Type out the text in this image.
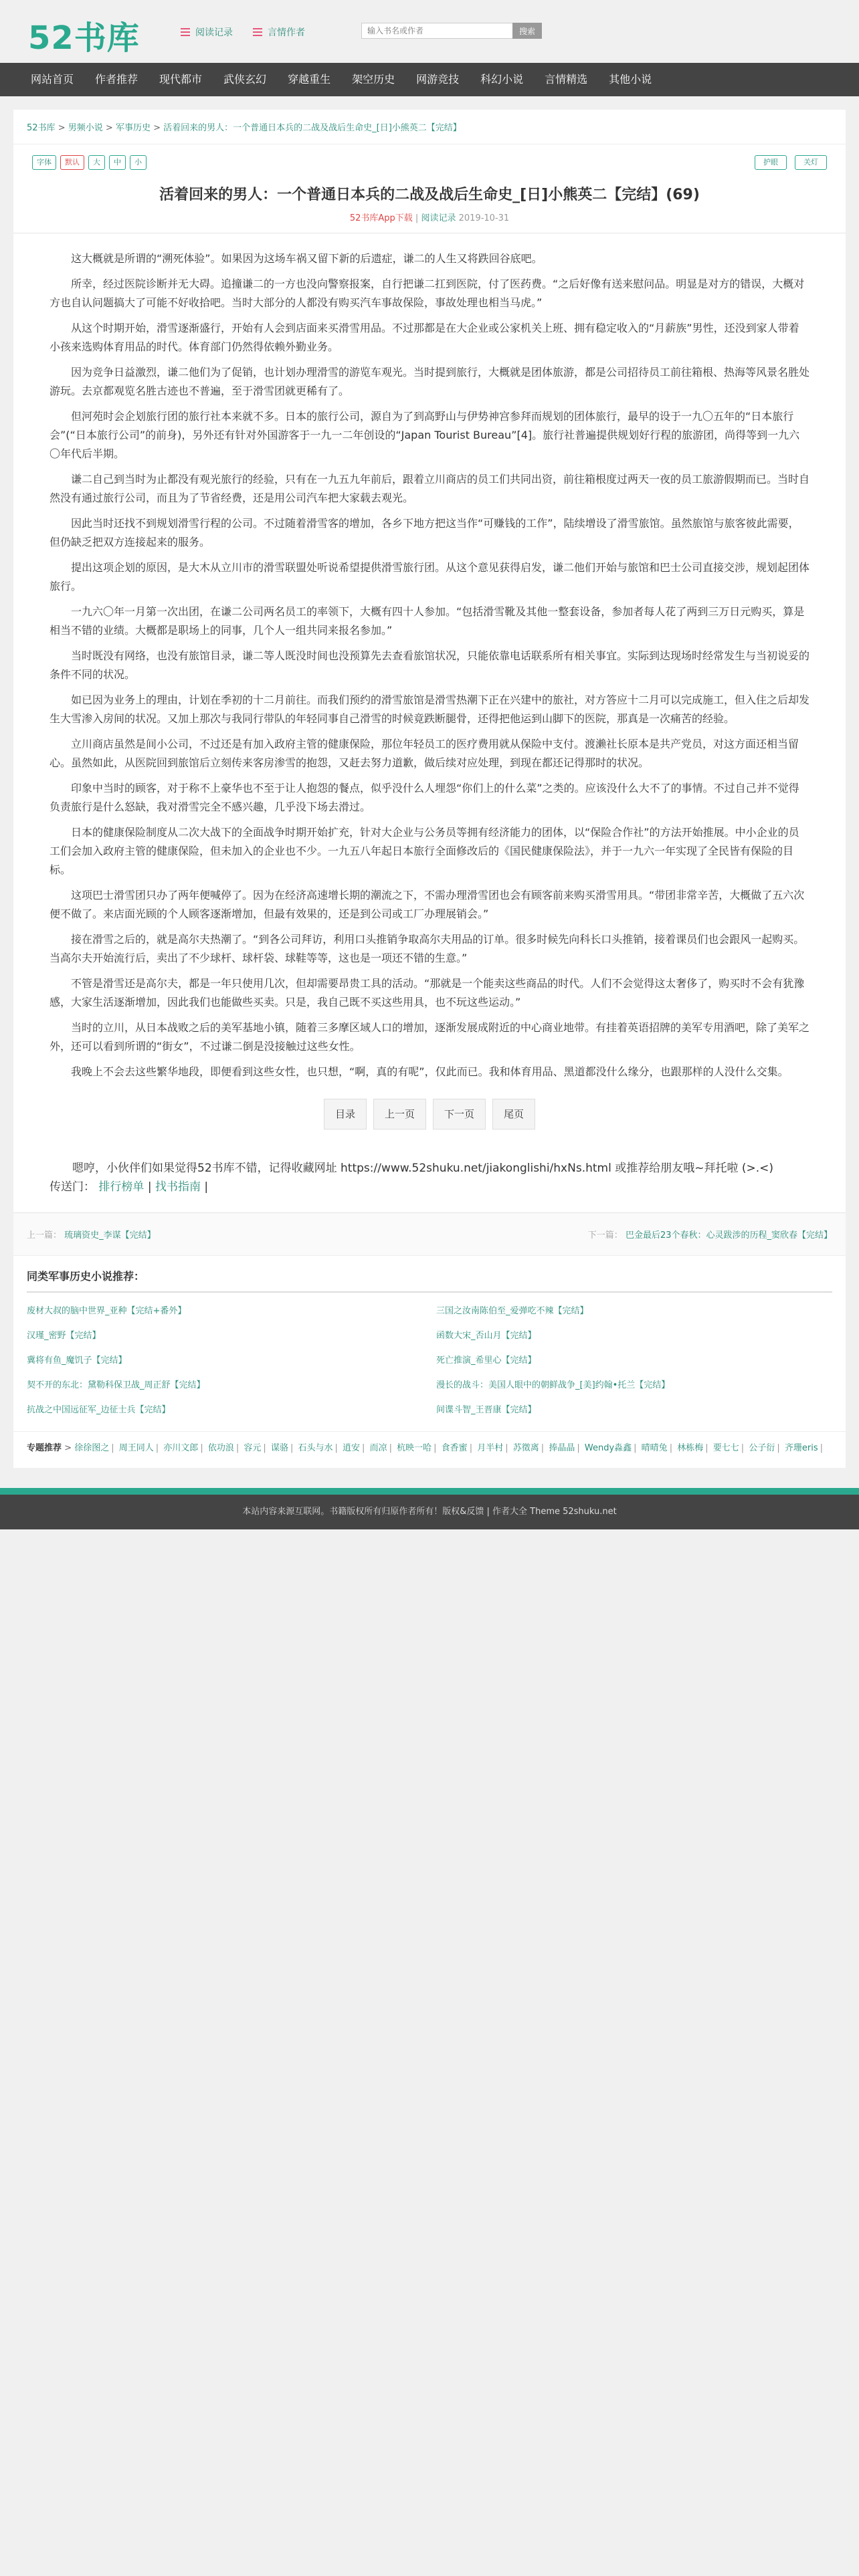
52书库	阅读记录	言情作者
输入书名或作者	搜索
网站首页	作者推荐	现代都市	武侠玄幻	穿越重生	架空历史	网游竞技	科幻小说	言情精选	其他小说
52书库 > 男频小说 > 军事历史 > 活着回来的男人：一个普通日本兵的二战及战后生命史_[日]小熊英二【完结】
字体	默认	大	中	小	护眼	关灯
活着回来的男人：一个普通日本兵的二战及战后生命史_[日]小熊英二【完结】(69)
52书库App下载 | 阅读记录 2019-10-31

这大概就是所谓的“溯死体验”。如果因为这场车祸又留下新的后遗症，谦二的人生又将跌回谷底吧。

所幸，经过医院诊断并无大碍。追撞谦二的一方也没向警察报案，自行把谦二扛到医院，付了医药费。“之后好像有送来慰问品。明显是对方的错误，大概对方也自认问题搞大了可能不好收拾吧。当时大部分的人都没有购买汽车事故保险，事故处理也相当马虎。”

从这个时期开始，滑雪逐渐盛行，开始有人会到店面来买滑雪用品。不过那都是在大企业或公家机关上班、拥有稳定收入的“月薪族”男性，还没到家人带着小孩来选购体育用品的时代。体育部门仍然得依赖外勤业务。

因为竞争日益激烈，谦二他们为了促销，也计划办理滑雪的游览车观光。当时提到旅行，大概就是团体旅游，都是公司招待员工前往箱根、热海等风景名胜处游玩。去京都观览名胜古迹也不普遍，至于滑雪团就更稀有了。

但河苑时会企划旅行团的旅行社本来就不多。日本的旅行公司，源自为了到高野山与伊势神宫参拜而规划的团体旅行，最早的设于一九〇五年的“日本旅行会”(“日本旅行公司”的前身)，另外还有针对外国游客于一九一二年创设的“Japan Tourist Bureau”[4]。旅行社普遍提供规划好行程的旅游团，尚得等到一九六〇年代后半期。

谦二自己到当时为止都没有观光旅行的经验，只有在一九五九年前后，跟着立川商店的员工们共同出资，前往箱根度过两天一夜的员工旅游假期而已。当时自然没有通过旅行公司，而且为了节省经费，还是用公司汽车把大家载去观光。

因此当时还找不到规划滑雪行程的公司。不过随着滑雪客的增加，各乡下地方把这当作“可赚钱的工作”，陆续增设了滑雪旅馆。虽然旅馆与旅客彼此需要，但仍缺乏把双方连接起来的服务。

提出这项企划的原因，是大木从立川市的滑雪联盟处听说希望提供滑雪旅行团。从这个意见获得启发，谦二他们开始与旅馆和巴士公司直接交涉，规划起团体旅行。

一九六〇年一月第一次出团，在谦二公司两名员工的率领下，大概有四十人参加。“包括滑雪靴及其他一整套设备，参加者每人花了两到三万日元购买，算是相当不错的业绩。大概都是职场上的同事，几个人一组共同来报名参加。”

当时既没有网络，也没有旅馆目录，谦二等人既没时间也没预算先去查看旅馆状况，只能依靠电话联系所有相关事宜。实际到达现场时经常发生与当初说妥的条件不同的状况。

如已因为业务上的理由，计划在季初的十二月前往。而我们预约的滑雪旅馆是滑雪热潮下正在兴建中的旅社，对方答应十二月可以完成施工，但入住之后却发生大雪渗入房间的状况。又加上那次与我同行带队的年轻同事自己滑雪的时候竟跌断腿骨，还得把他运到山脚下的医院，那真是一次痛苦的经验。

立川商店虽然是间小公司，不过还是有加入政府主管的健康保险，那位年轻员工的医疗费用就从保险中支付。渡濑社长原本是共产党员，对这方面还相当留心。虽然如此，从医院回到旅馆后立刻传来客房渗雪的抱怨，又赶去努力道歉，做后续对应处理，到现在都还记得那时的状况。

印象中当时的顾客，对于称不上豪华也不至于让人抱怨的餐点，似乎没什么人埋怨“你们上的什么菜”之类的。应该没什么大不了的事情。不过自己并不觉得负责旅行是什么怒缺，我对滑雪完全不感兴趣，几乎没下场去滑过。

日本的健康保险制度从二次大战下的全面战争时期开始扩充，针对大企业与公务员等拥有经济能力的团体，以“保险合作社”的方法开始推展。中小企业的员工们会加入政府主管的健康保险，但未加入的企业也不少。一九五八年起日本旅行全面修改后的《国民健康保险法》，并于一九六一年实现了全民皆有保险的目标。

这项巴士滑雪团只办了两年便喊停了。因为在经济高速增长期的潮流之下，不需办理滑雪团也会有顾客前来购买滑雪用具。“带团非常辛苦，大概做了五六次便不做了。来店面光顾的个人顾客逐渐增加，但最有效果的，还是到公司或工厂办理展销会。”

接在滑雪之后的，就是高尔夫热潮了。“到各公司拜访，利用口头推销争取高尔夫用品的订单。很多时候先向科长口头推销，接着课员们也会跟风一起购买。当高尔夫开始流行后，卖出了不少球杆、球杆袋、球鞋等等，这也是一项还不错的生意。”

不管是滑雪还是高尔夫，都是一年只使用几次，但却需要昂贵工具的活动。“那就是一个能卖这些商品的时代。人们不会觉得这太奢侈了，购买时不会有犹豫感，大家生活逐渐增加，因此我们也能做些买卖。只是，我自己既不买这些用具，也不玩这些运动。”

当时的立川，从日本战败之后的美军基地小镇，随着三多摩区域人口的增加，逐渐发展成附近的中心商业地带。有挂着英语招牌的美军专用酒吧，除了美军之外，还可以看到所谓的“街女”，不过谦二倒是没接触过这些女性。

我晚上不会去这些繁华地段，即便看到这些女性，也只想，“啊，真的有呢”，仅此而已。我和体育用品、黑道都没什么缘分，也跟那样的人没什么交集。

目录	上一页	下一页	尾页
嗯哼，小伙伴们如果觉得52书库不错，记得收藏网址 https://www.52shuku.net/jiakonglishi/hxNs.html 或推荐给朋友哦~拜托啦 (>.<)
传送门： 排行榜单 | 找书指南 |
上一篇： 琉璃资史_李谋【完结】	下一篇： 巴金最后23个春秋：心灵跋涉的历程_窦欣春【完结】
同类军事历史小说推荐：
废材大叔的脑中世界_亚种【完结+番外】	三国之汝南陈伯至_爱弹吃不辣【完结】
汉瑾_密野【完结】	函数大宋_否山月【完结】
冀将有鱼_魔饥子【完结】	死亡推演_希里心【完结】
契不开的东北：黛勒科保卫战_周正舒【完结】	漫长的战斗：美国人眼中的朝鲜战争_[美]约翰•托兰【完结】
抗战之中国远征军_边征士兵【完结】	间谍斗智_王晋康【完结】
专题推荐 > 徐徐图之 | 周王同人 | 亦川文郎 | 依功浪 | 容元 | 谋骆 | 石头与水 | 逍安 | 而凉 | 杭映一哈 | 食香蜜 | 月半村 | 苏徵离 | 捧晶晶 | Wendy淼鑫 | 晴晴兔 | 林栋梅 | 要七七 | 公子衍 | 齐珊eris |
本站内容来源互联网。书籍版权所有归原作者所有！版权&反馈 | 作者大全 Theme 52shuku.net
